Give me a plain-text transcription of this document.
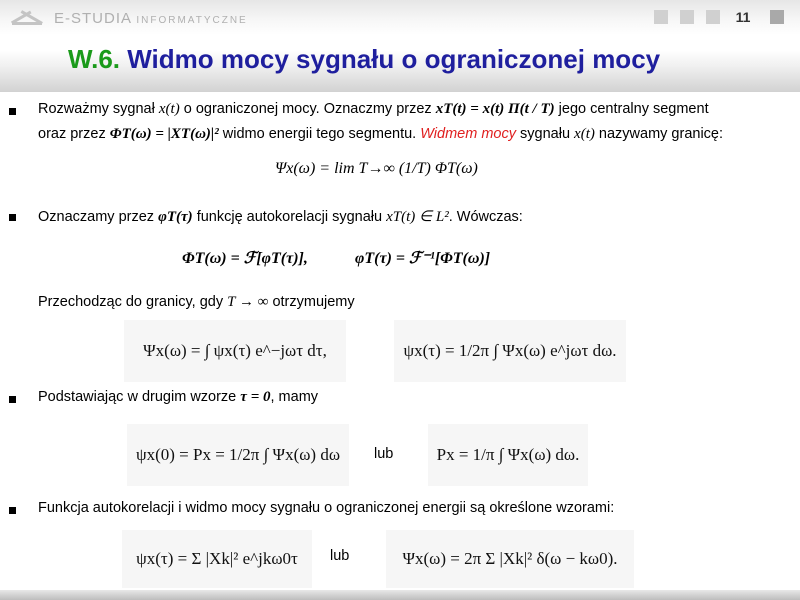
E-STUDIA INFORMATYCZNE	11
W.6. Widmo mocy sygnału o ograniczonej mocy
Rozważmy sygnał x(t) o ograniczonej mocy. Oznaczmy przez xT(t) = x(t) Π(t / T) jego centralny segment
oraz przez ΦT(ω) = |XT(ω)|² widmo energii tego segmentu. Widmem mocy sygnału x(t) nazywamy granicę:
Ψx(ω) = lim T→∞ (1/T) ΦT(ω)
Oznaczamy przez φT(τ) funkcję autokorelacji sygnału xT(t) ∈ L². Wówczas:
ΦT(ω) = ℱ[φT(τ)],	φT(τ) = ℱ⁻¹[ΦT(ω)]
Przechodząc do granicy, gdy T → ∞ otrzymujemy
Ψx(ω) = ∫ ψx(τ) e^−jωτ dτ,	ψx(τ) = 1/2π ∫ Ψx(ω) e^jωτ dω.
Podstawiając w drugim wzorze τ = 0, mamy
ψx(0) = Px = 1/2π ∫ Ψx(ω) dω	lub	Px = 1/π ∫ Ψx(ω) dω.
Funkcja autokorelacji i widmo mocy sygnału o ograniczonej energii są określone wzorami:
ψx(τ) = Σ |Xk|² e^jkω0τ	lub	Ψx(ω) = 2π Σ |Xk|² δ(ω − kω0).
